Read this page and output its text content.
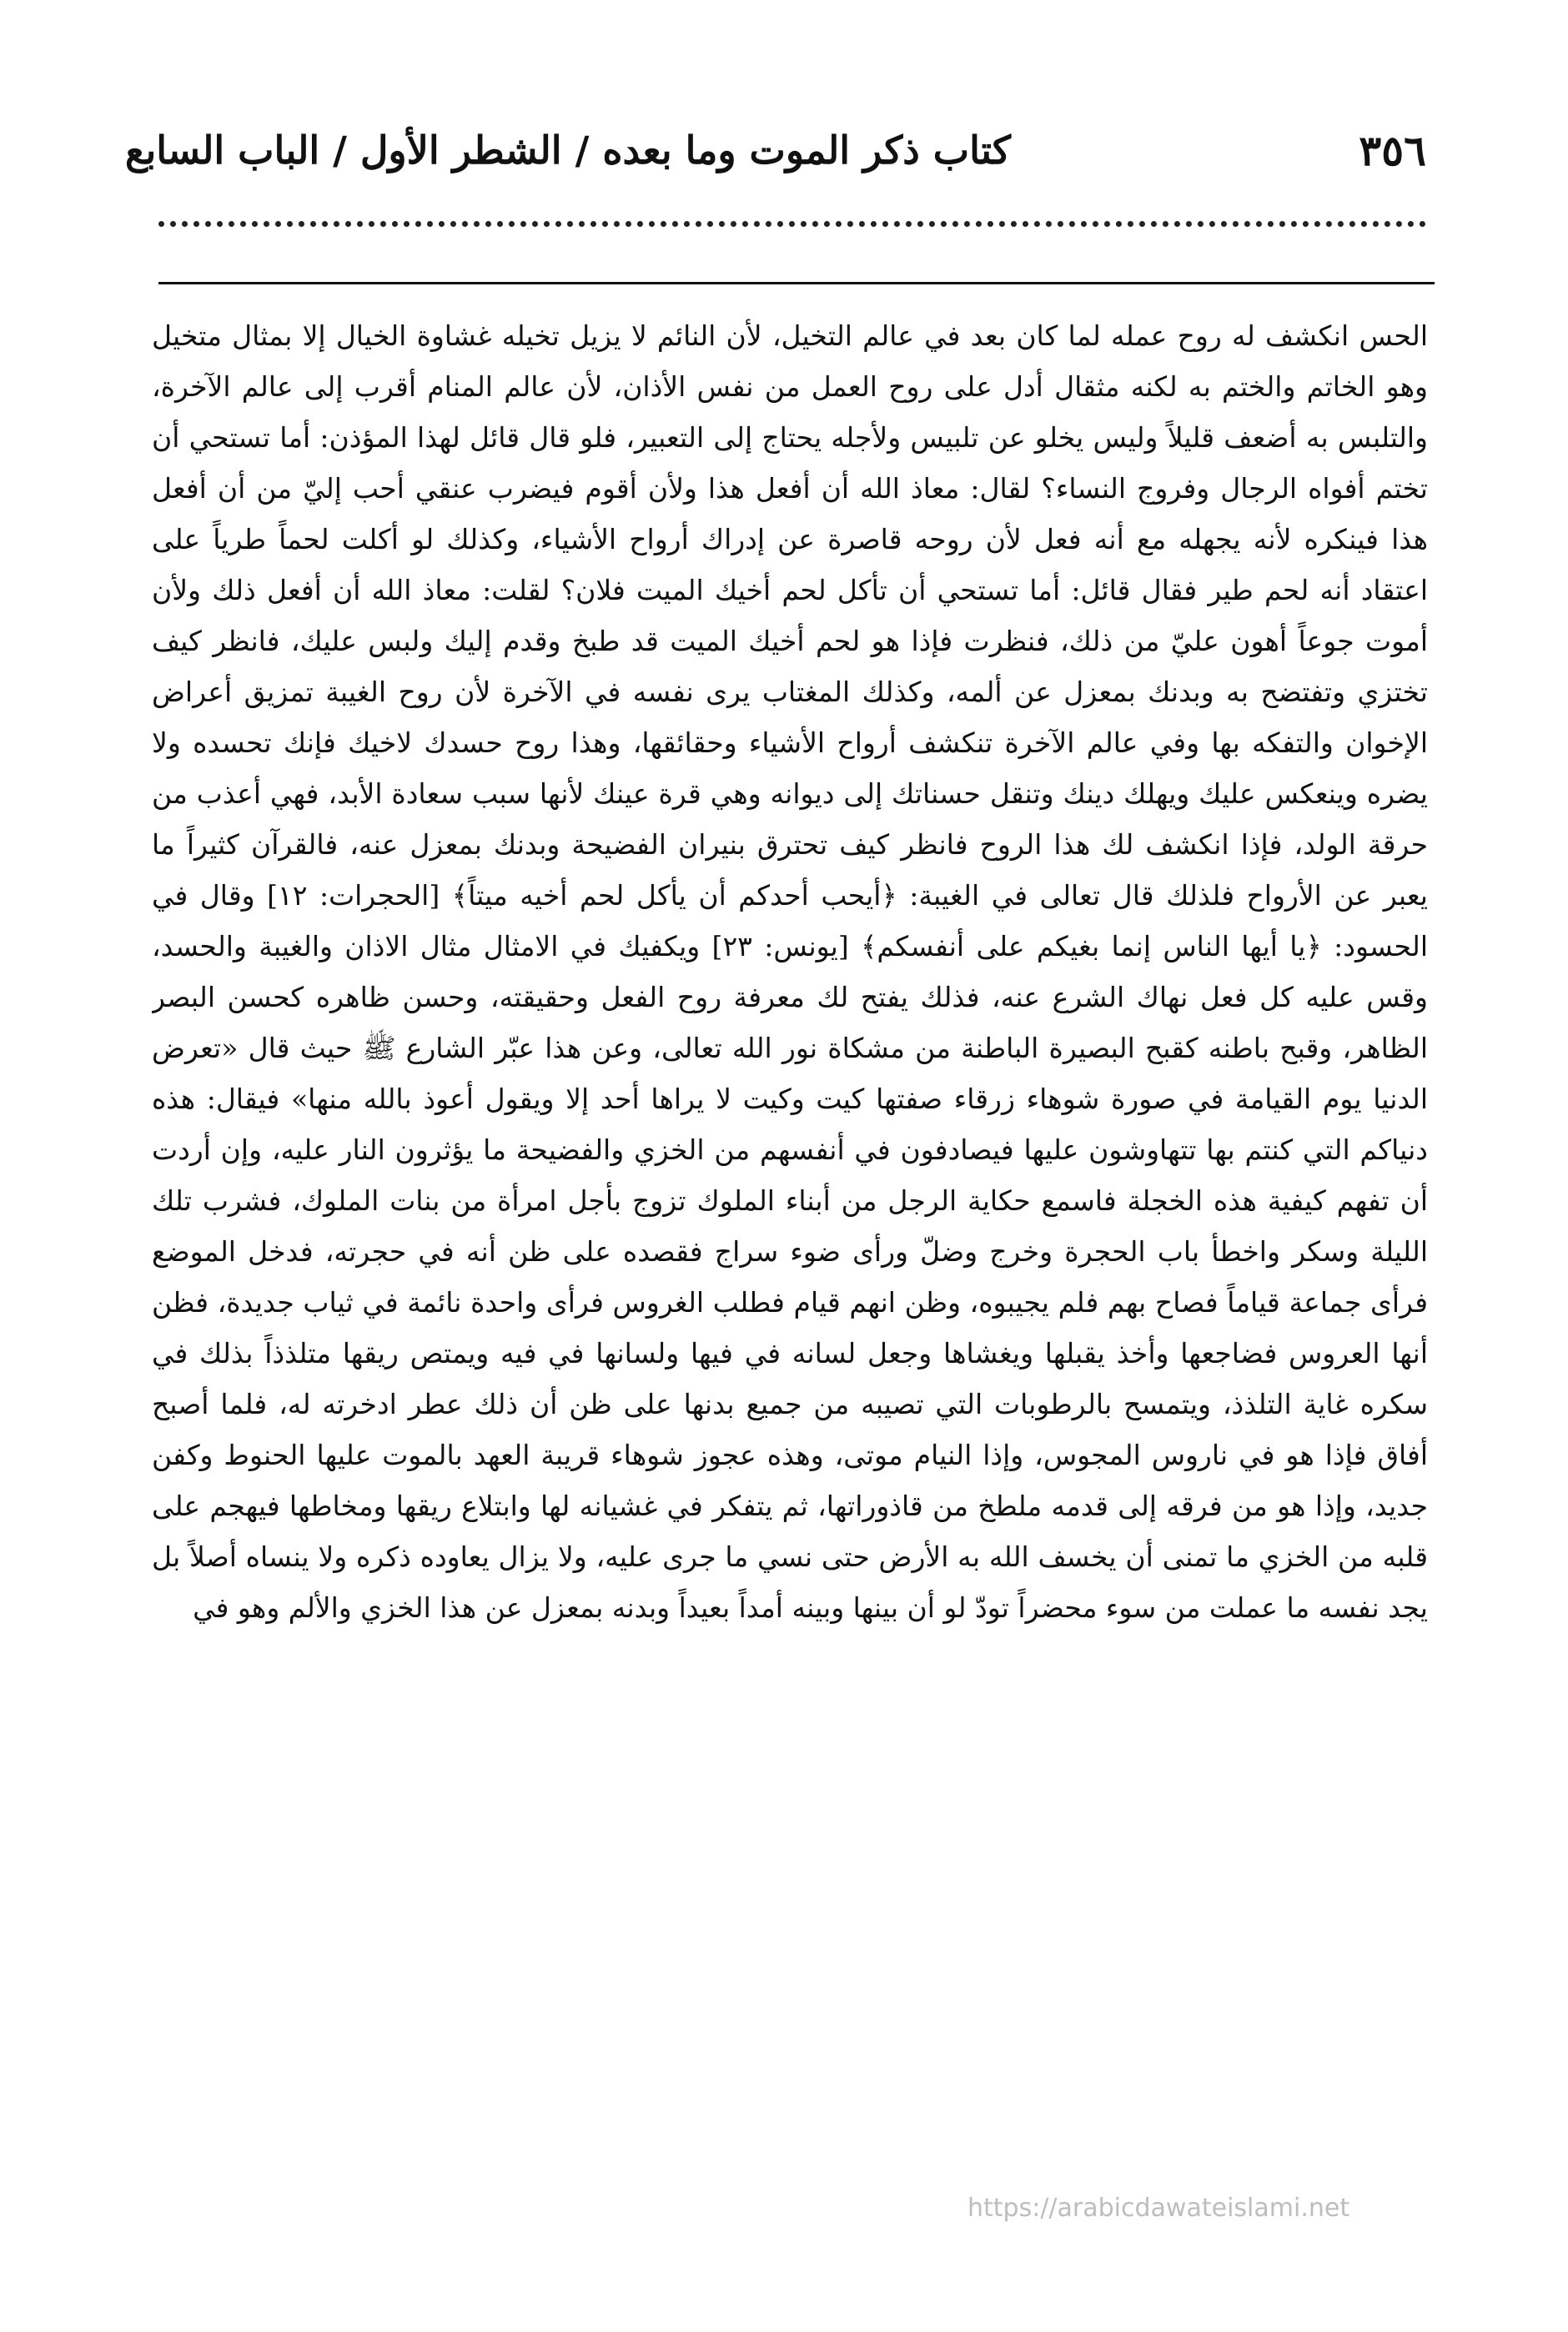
٣٥٦
كتاب ذكر الموت وما بعده / الشطر الأول / الباب السابع

الحس انكشف له روح عمله لما كان بعد في عالم التخيل، لأن النائم لا يزيل تخيله غشاوة الخيال إلا بمثال متخيل وهو الخاتم والختم به لكنه مثقال أدل على روح العمل من نفس الأذان، لأن عالم المنام أقرب إلى عالم الآخرة، والتلبس به أضعف قليلاً وليس يخلو عن تلبيس ولأجله يحتاج إلى التعبير، فلو قال قائل لهذا المؤذن: أما تستحي أن تختم أفواه الرجال وفروج النساء؟ لقال: معاذ الله أن أفعل هذا ولأن أقوم فيضرب عنقي أحب إليّ من أن أفعل هذا فينكره لأنه يجهله مع أنه فعل لأن روحه قاصرة عن إدراك أرواح الأشياء، وكذلك لو أكلت لحماً طرياً على اعتقاد أنه لحم طير فقال قائل: أما تستحي أن تأكل لحم أخيك الميت فلان؟ لقلت: معاذ الله أن أفعل ذلك ولأن أموت جوعاً أهون عليّ من ذلك، فنظرت فإذا هو لحم أخيك الميت قد طبخ وقدم إليك ولبس عليك، فانظر كيف تختزي وتفتضح به وبدنك بمعزل عن ألمه، وكذلك المغتاب يرى نفسه في الآخرة لأن روح الغيبة تمزيق أعراض الإخوان والتفكه بها وفي عالم الآخرة تنكشف أرواح الأشياء وحقائقها، وهذا روح حسدك لاخيك فإنك تحسده ولا يضره وينعكس عليك ويهلك دينك وتنقل حسناتك إلى ديوانه وهي قرة عينك لأنها سبب سعادة الأبد، فهي أعذب من حرقة الولد، فإذا انكشف لك هذا الروح فانظر كيف تحترق بنيران الفضيحة وبدنك بمعزل عنه، فالقرآن كثيراً ما يعبر عن الأرواح فلذلك قال تعالى في الغيبة: ﴿أيحب أحدكم أن يأكل لحم أخيه ميتاً﴾ [الحجرات: ١٢] وقال في الحسود: ﴿يا أيها الناس إنما بغيكم على أنفسكم﴾ [يونس: ٢٣] ويكفيك في الامثال مثال الاذان والغيبة والحسد، وقس عليه كل فعل نهاك الشرع عنه، فذلك يفتح لك معرفة روح الفعل وحقيقته، وحسن ظاهره كحسن البصر الظاهر، وقبح باطنه كقبح البصيرة الباطنة من مشكاة نور الله تعالى، وعن هذا عبّر الشارع ﷺ حيث قال «تعرض الدنيا يوم القيامة في صورة شوهاء زرقاء صفتها كيت وكيت لا يراها أحد إلا ويقول أعوذ بالله منها» فيقال: هذه دنياكم التي كنتم بها تتهاوشون عليها فيصادفون في أنفسهم من الخزي والفضيحة ما يؤثرون النار عليه، وإن أردت أن تفهم كيفية هذه الخجلة فاسمع حكاية الرجل من أبناء الملوك تزوج بأجل امرأة من بنات الملوك، فشرب تلك الليلة وسكر واخطأ باب الحجرة وخرج وضلّ ورأى ضوء سراج فقصده على ظن أنه في حجرته، فدخل الموضع فرأى جماعة قياماً فصاح بهم فلم يجيبوه، وظن انهم قيام فطلب الغروس فرأى واحدة نائمة في ثياب جديدة، فظن أنها العروس فضاجعها وأخذ يقبلها ويغشاها وجعل لسانه في فيها ولسانها في فيه ويمتص ريقها متلذذاً بذلك في سكره غاية التلذذ، ويتمسح بالرطوبات التي تصيبه من جميع بدنها على ظن أن ذلك عطر ادخرته له، فلما أصبح أفاق فإذا هو في ناروس المجوس، وإذا النيام موتى، وهذه عجوز شوهاء قريبة العهد بالموت عليها الحنوط وكفن جديد، وإذا هو من فرقه إلى قدمه ملطخ من قاذوراتها، ثم يتفكر في غشيانه لها وابتلاع ريقها ومخاطها فيهجم على قلبه من الخزي ما تمنى أن يخسف الله به الأرض حتى نسي ما جرى عليه، ولا يزال يعاوده ذكره ولا ينساه أصلاً بل يجد نفسه ما عملت من سوء محضراً تودّ لو أن بينها وبينه أمداً بعيداً وبدنه بمعزل عن هذا الخزي والألم وهو في

https://arabicdawateislami.net
